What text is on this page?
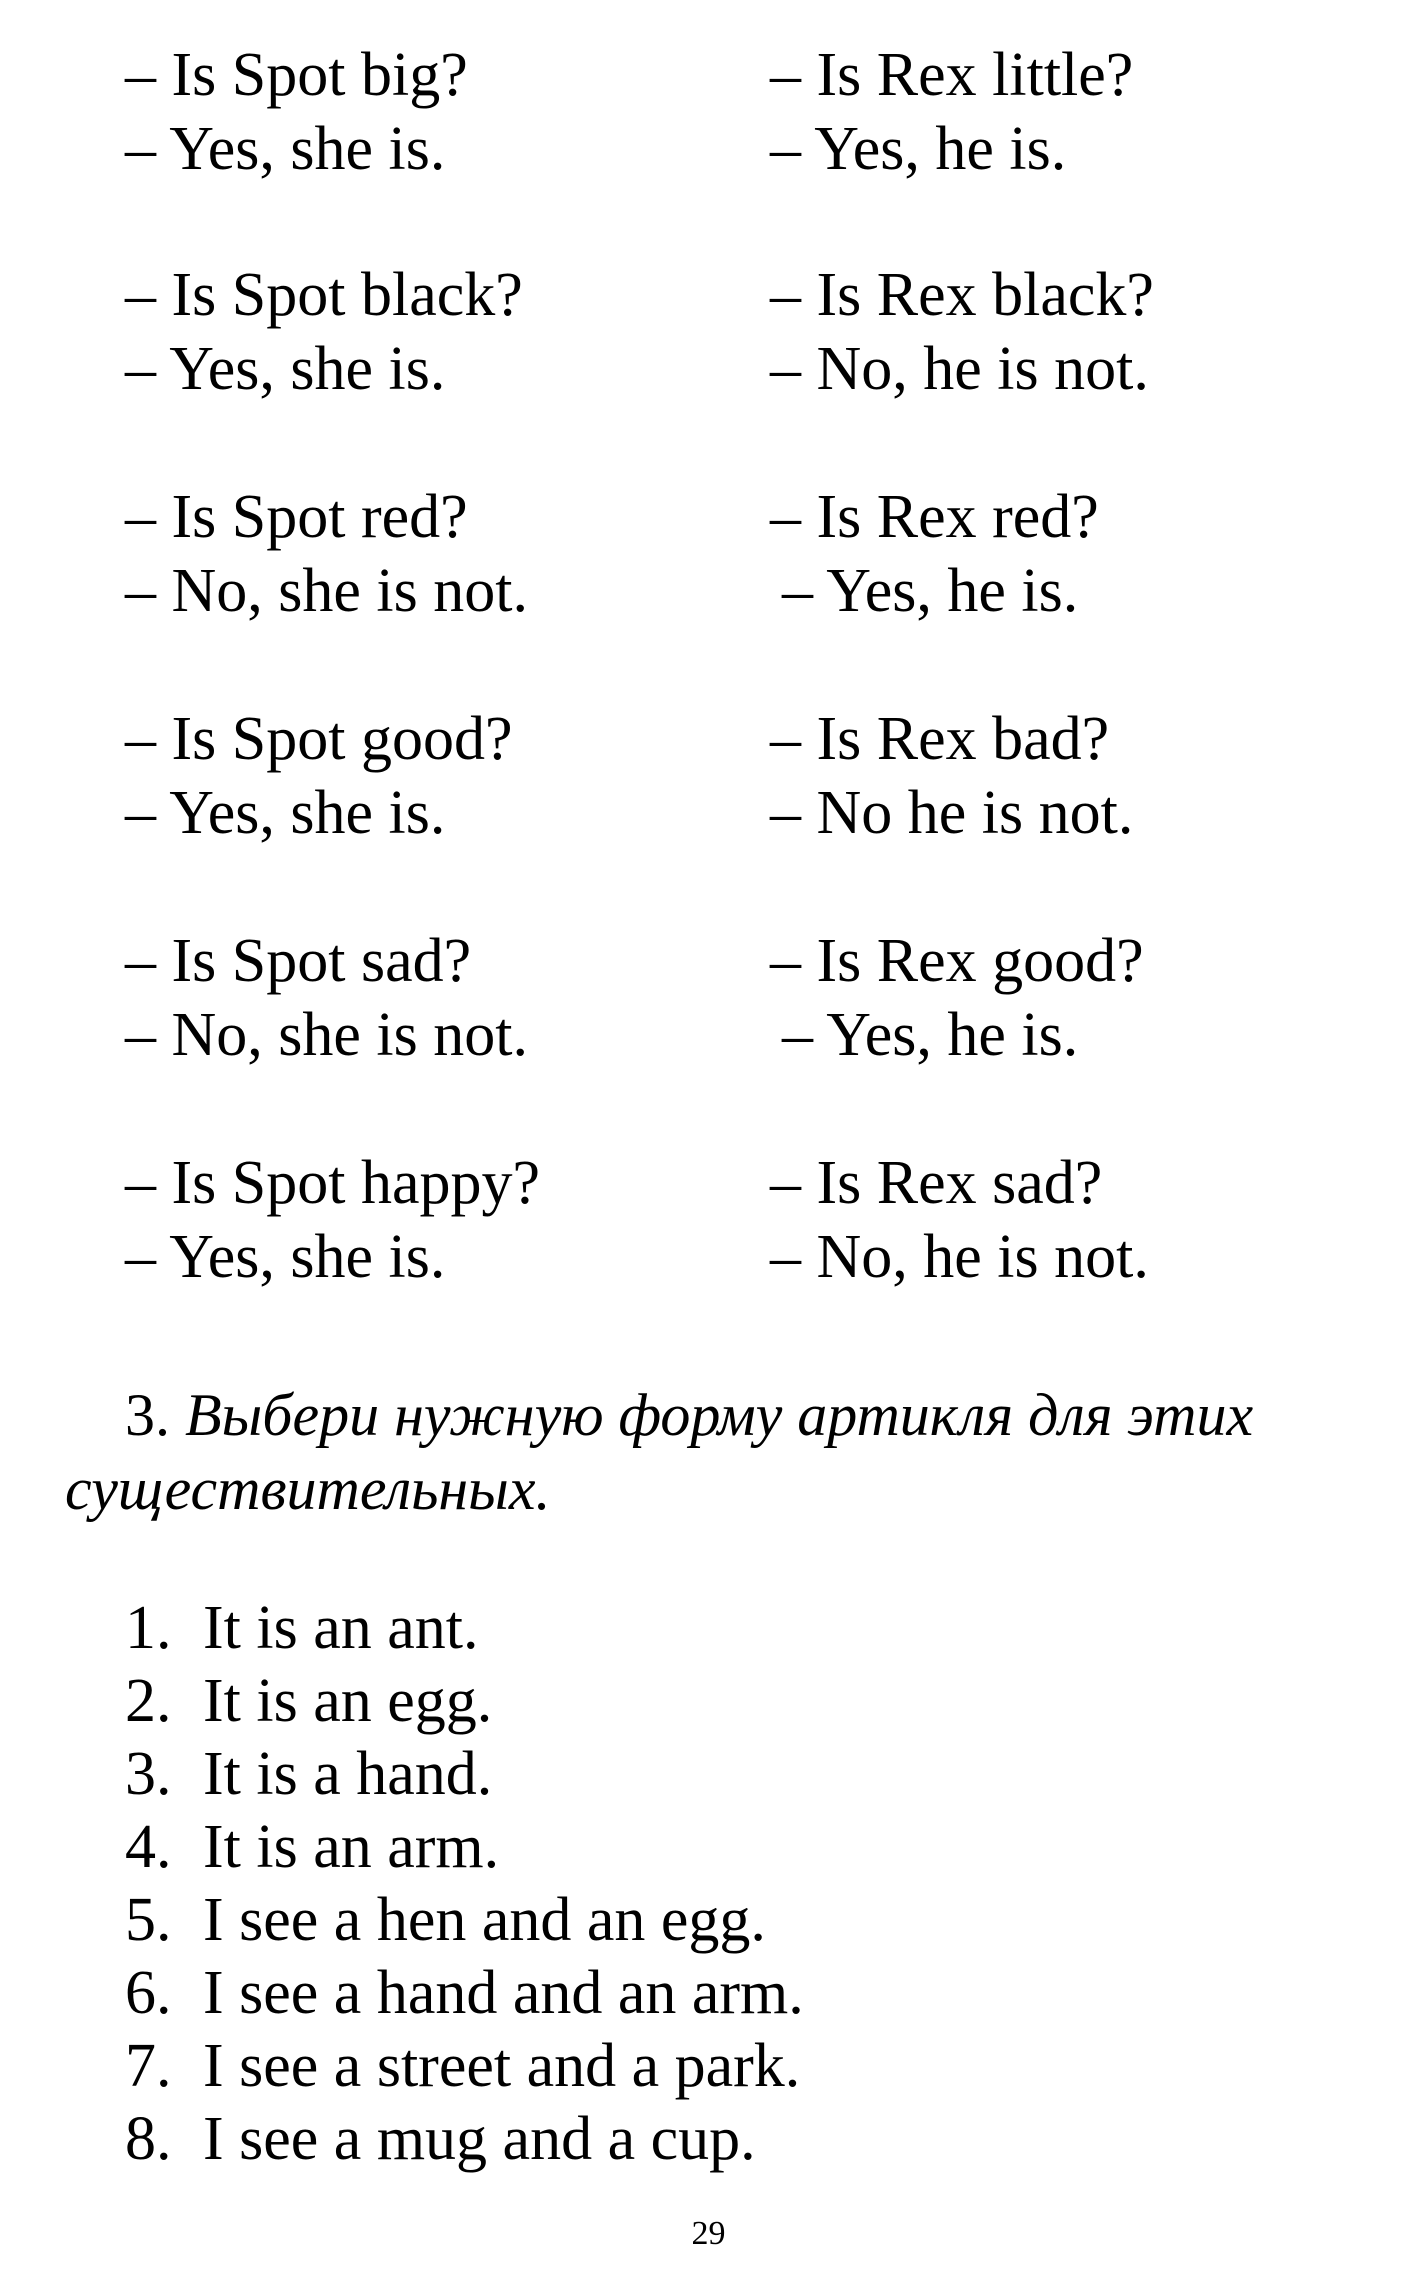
– Is Spot big?	– Is Rex little?
– Yes, she is.	– Yes, he is.
– Is Spot black?	– Is Rex black?
– Yes, she is.	– No, he is not.
– Is Spot red?	– Is Rex red?
– No, she is not.	– Yes, he is.
– Is Spot good?	– Is Rex bad?
– Yes, she is.	– No he is not.
– Is Spot sad?	– Is Rex good?
– No, she is not.	– Yes, he is.
– Is Spot happy?	– Is Rex sad?
– Yes, she is.	– No, he is not.
3. Выбери нужную форму артикля для этих
существительных.
1. It is an ant.
2. It is an egg.
3. It is a hand.
4. It is an arm.
5. I see a hen and an egg.
6. I see a hand and an arm.
7. I see a street and a park.
8. I see a mug and a cup.
29
